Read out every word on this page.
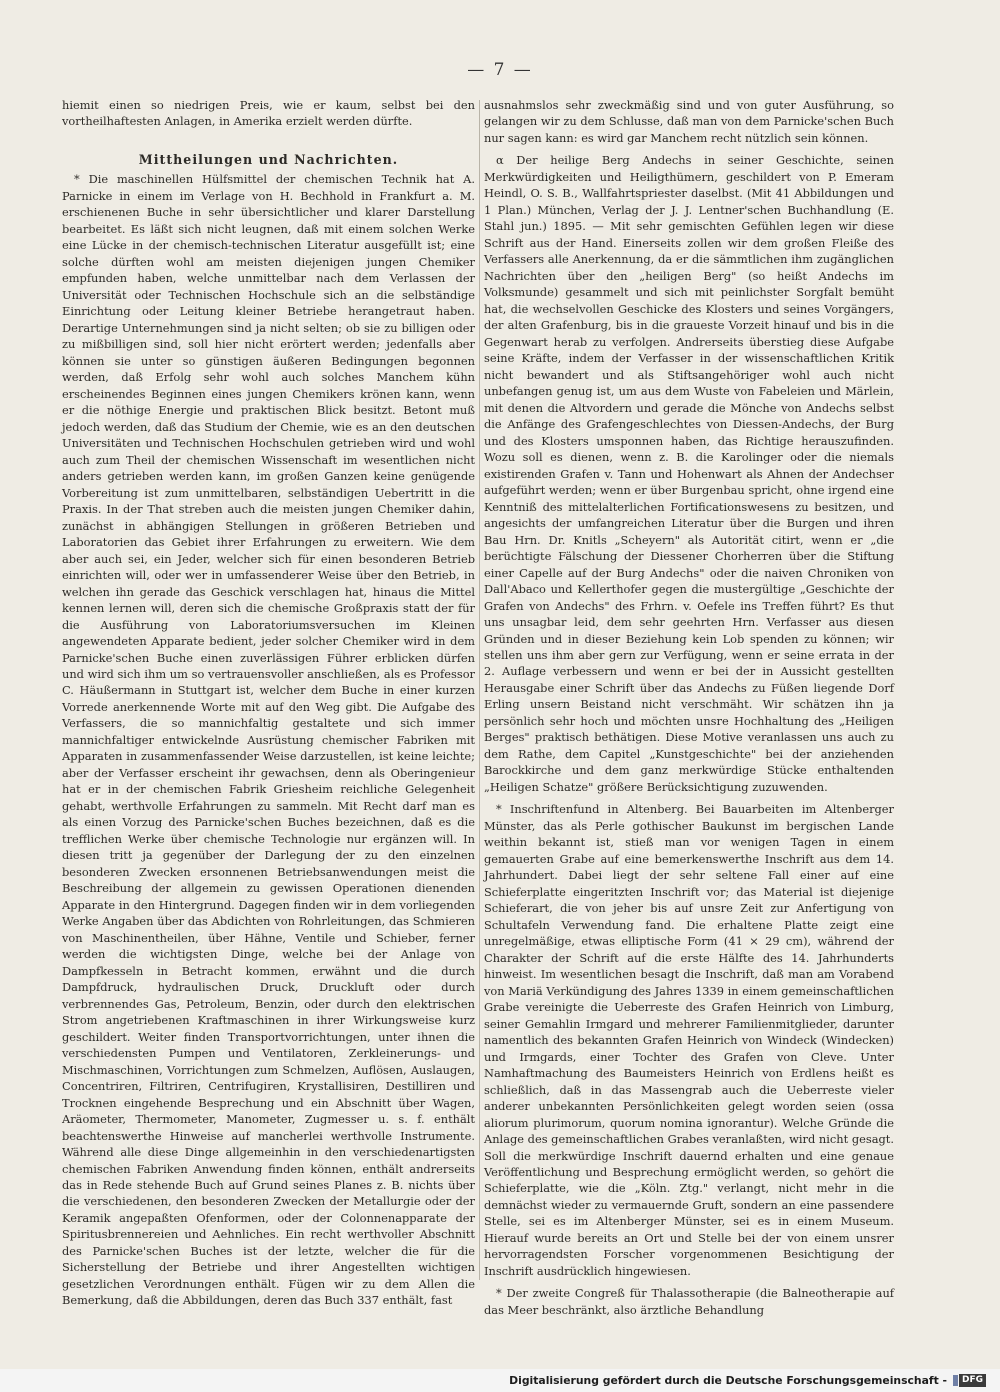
— 7 —

hiemit einen so niedrigen Preis, wie er kaum, selbst bei den vortheilhaftesten Anlagen, in Amerika erzielt werden dürfte.

Mittheilungen und Nachrichten.

* Die maschinellen Hülfsmittel der chemischen Technik hat A. Parnicke in einem im Verlage von H. Bechhold in Frankfurt a. M. erschienenen Buche in sehr übersichtlicher und klarer Darstellung bearbeitet. Es läßt sich nicht leugnen, daß mit einem solchen Werke eine Lücke in der chemisch-technischen Literatur ausgefüllt ist; eine solche dürften wohl am meisten diejenigen jungen Chemiker empfunden haben, welche unmittelbar nach dem Verlassen der Universität oder Technischen Hochschule sich an die selbständige Einrichtung oder Leitung kleiner Betriebe herangetraut haben. Derartige Unternehmungen sind ja nicht selten; ob sie zu billigen oder zu mißbilligen sind, soll hier nicht erörtert werden; jedenfalls aber können sie unter so günstigen äußeren Bedingungen begonnen werden, daß Erfolg sehr wohl auch solches Manchem kühn erscheinendes Beginnen eines jungen Chemikers krönen kann, wenn er die nöthige Energie und praktischen Blick besitzt. Betont muß jedoch werden, daß das Studium der Chemie, wie es an den deutschen Universitäten und Technischen Hochschulen getrieben wird und wohl auch zum Theil der chemischen Wissenschaft im wesentlichen nicht anders getrieben werden kann, im großen Ganzen keine genügende Vorbereitung ist zum unmittelbaren, selbständigen Uebertritt in die Praxis. In der That streben auch die meisten jungen Chemiker dahin, zunächst in abhängigen Stellungen in größeren Betrieben und Laboratorien das Gebiet ihrer Erfahrungen zu erweitern. Wie dem aber auch sei, ein Jeder, welcher sich für einen besonderen Betrieb einrichten will, oder wer in umfassenderer Weise über den Betrieb, in welchen ihn gerade das Geschick verschlagen hat, hinaus die Mittel kennen lernen will, deren sich die chemische Großpraxis statt der für die Ausführung von Laboratoriumsversuchen im Kleinen angewendeten Apparate bedient, jeder solcher Chemiker wird in dem Parnicke'schen Buche einen zuverlässigen Führer erblicken dürfen und wird sich ihm um so vertrauensvoller anschließen, als es Professor C. Häußermann in Stuttgart ist, welcher dem Buche in einer kurzen Vorrede anerkennende Worte mit auf den Weg gibt. Die Aufgabe des Verfassers, die so mannichfaltig gestaltete und sich immer mannichfaltiger entwickelnde Ausrüstung chemischer Fabriken mit Apparaten in zusammenfassender Weise darzustellen, ist keine leichte; aber der Verfasser erscheint ihr gewachsen, denn als Oberingenieur hat er in der chemischen Fabrik Griesheim reichliche Gelegenheit gehabt, werthvolle Erfahrungen zu sammeln. Mit Recht darf man es als einen Vorzug des Parnicke'schen Buches bezeichnen, daß es die trefflichen Werke über chemische Technologie nur ergänzen will. In diesen tritt ja gegenüber der Darlegung der zu den einzelnen besonderen Zwecken ersonnenen Betriebsanwendungen meist die Beschreibung der allgemein zu gewissen Operationen dienenden Apparate in den Hintergrund. Dagegen finden wir in dem vorliegenden Werke Angaben über das Abdichten von Rohrleitungen, das Schmieren von Maschinentheilen, über Hähne, Ventile und Schieber, ferner werden die wichtigsten Dinge, welche bei der Anlage von Dampfkesseln in Betracht kommen, erwähnt und die durch Dampfdruck, hydraulischen Druck, Druckluft oder durch verbrennendes Gas, Petroleum, Benzin, oder durch den elektrischen Strom angetriebenen Kraftmaschinen in ihrer Wirkungsweise kurz geschildert. Weiter finden Transportvorrichtungen, unter ihnen die verschiedensten Pumpen und Ventilatoren, Zerkleinerungs- und Mischmaschinen, Vorrichtungen zum Schmelzen, Auflösen, Auslaugen, Concentriren, Filtriren, Centrifugiren, Krystallisiren, Destilliren und Trocknen eingehende Besprechung und ein Abschnitt über Wagen, Aräometer, Thermometer, Manometer, Zugmesser u. s. f. enthält beachtenswerthe Hinweise auf mancherlei werthvolle Instrumente. Während alle diese Dinge allgemeinhin in den verschiedenartigsten chemischen Fabriken Anwendung finden können, enthält andrerseits das in Rede stehende Buch auf Grund seines Planes z. B. nichts über die verschiedenen, den besonderen Zwecken der Metallurgie oder der Keramik angepaßten Ofenformen, oder der Colonnenapparate der Spiritusbrennereien und Aehnliches. Ein recht werthvoller Abschnitt des Parnicke'schen Buches ist der letzte, welcher die für die Sicherstellung der Betriebe und ihrer Angestellten wichtigen gesetzlichen Verordnungen enthält. Fügen wir zu dem Allen die Bemerkung, daß die Abbildungen, deren das Buch 337 enthält, fast

ausnahmslos sehr zweckmäßig sind und von guter Ausführung, so gelangen wir zu dem Schlusse, daß man von dem Parnicke'schen Buch nur sagen kann: es wird gar Manchem recht nützlich sein können.

α Der heilige Berg Andechs in seiner Geschichte, seinen Merkwürdigkeiten und Heiligthümern, geschildert von P. Emeram Heindl, O. S. B., Wallfahrtspriester daselbst. (Mit 41 Abbildungen und 1 Plan.) München, Verlag der J. J. Lentner'schen Buchhandlung (E. Stahl jun.) 1895. — Mit sehr gemischten Gefühlen legen wir diese Schrift aus der Hand. Einerseits zollen wir dem großen Fleiße des Verfassers alle Anerkennung, da er die sämmtlichen ihm zugänglichen Nachrichten über den „heiligen Berg" (so heißt Andechs im Volksmunde) gesammelt und sich mit peinlichster Sorgfalt bemüht hat, die wechselvollen Geschicke des Klosters und seines Vorgängers, der alten Grafenburg, bis in die graueste Vorzeit hinauf und bis in die Gegenwart herab zu verfolgen. Andrerseits überstieg diese Aufgabe seine Kräfte, indem der Verfasser in der wissenschaftlichen Kritik nicht bewandert und als Stiftsangehöriger wohl auch nicht unbefangen genug ist, um aus dem Wuste von Fabeleien und Märlein, mit denen die Altvordern und gerade die Mönche von Andechs selbst die Anfänge des Grafengeschlechtes von Diessen-Andechs, der Burg und des Klosters umsponnen haben, das Richtige herauszufinden. Wozu soll es dienen, wenn z. B. die Karolinger oder die niemals existirenden Grafen v. Tann und Hohenwart als Ahnen der Andechser aufgeführt werden; wenn er über Burgenbau spricht, ohne irgend eine Kenntniß des mittelalterlichen Fortificationswesens zu besitzen, und angesichts der umfangreichen Literatur über die Burgen und ihren Bau Hrn. Dr. Knitls „Scheyern" als Autorität citirt, wenn er „die berüchtigte Fälschung der Diessener Chorherren über die Stiftung einer Capelle auf der Burg Andechs" oder die naiven Chroniken von Dall'Abaco und Kellerthofer gegen die mustergültige „Geschichte der Grafen von Andechs" des Frhrn. v. Oefele ins Treffen führt? Es thut uns unsagbar leid, dem sehr geehrten Hrn. Verfasser aus diesen Gründen und in dieser Beziehung kein Lob spenden zu können; wir stellen uns ihm aber gern zur Verfügung, wenn er seine errata in der 2. Auflage verbessern und wenn er bei der in Aussicht gestellten Herausgabe einer Schrift über das Andechs zu Füßen liegende Dorf Erling unsern Beistand nicht verschmäht. Wir schätzen ihn ja persönlich sehr hoch und möchten unsre Hochhaltung des „Heiligen Berges" praktisch bethätigen. Diese Motive veranlassen uns auch zu dem Rathe, dem Capitel „Kunstgeschichte" bei der anziehenden Barockkirche und dem ganz merkwürdige Stücke enthaltenden „Heiligen Schatze" größere Berücksichtigung zuzuwenden.

* Inschriftenfund in Altenberg. Bei Bauarbeiten im Altenberger Münster, das als Perle gothischer Baukunst im bergischen Lande weithin bekannt ist, stieß man vor wenigen Tagen in einem gemauerten Grabe auf eine bemerkenswerthe Inschrift aus dem 14. Jahrhundert. Dabei liegt der sehr seltene Fall einer auf eine Schieferplatte eingeritzten Inschrift vor; das Material ist diejenige Schieferart, die von jeher bis auf unsre Zeit zur Anfertigung von Schultafeln Verwendung fand. Die erhaltene Platte zeigt eine unregelmäßige, etwas elliptische Form (41 × 29 cm), während der Charakter der Schrift auf die erste Hälfte des 14. Jahrhunderts hinweist. Im wesentlichen besagt die Inschrift, daß man am Vorabend von Mariä Verkündigung des Jahres 1339 in einem gemeinschaftlichen Grabe vereinigte die Ueberreste des Grafen Heinrich von Limburg, seiner Gemahlin Irmgard und mehrerer Familienmitglieder, darunter namentlich des bekannten Grafen Heinrich von Windeck (Windecken) und Irmgards, einer Tochter des Grafen von Cleve. Unter Namhaftmachung des Baumeisters Heinrich von Erdlens heißt es schließlich, daß in das Massengrab auch die Ueberreste vieler anderer unbekannten Persönlichkeiten gelegt worden seien (ossa aliorum plurimorum, quorum nomina ignorantur). Welche Gründe die Anlage des gemeinschaftlichen Grabes veranlaßten, wird nicht gesagt. Soll die merkwürdige Inschrift dauernd erhalten und eine genaue Veröffentlichung und Besprechung ermöglicht werden, so gehört die Schieferplatte, wie die „Köln. Ztg." verlangt, nicht mehr in die demnächst wieder zu vermauernde Gruft, sondern an eine passendere Stelle, sei es im Altenberger Münster, sei es in einem Museum. Hierauf wurde bereits an Ort und Stelle bei der von einem unsrer hervorragendsten Forscher vorgenommenen Besichtigung der Inschrift ausdrücklich hingewiesen.

* Der zweite Congreß für Thalassotherapie (die Balneotherapie auf das Meer beschränkt, also ärztliche Behandlung

Digitalisierung gefördert durch die Deutsche Forschungsgemeinschaft -	DFG
